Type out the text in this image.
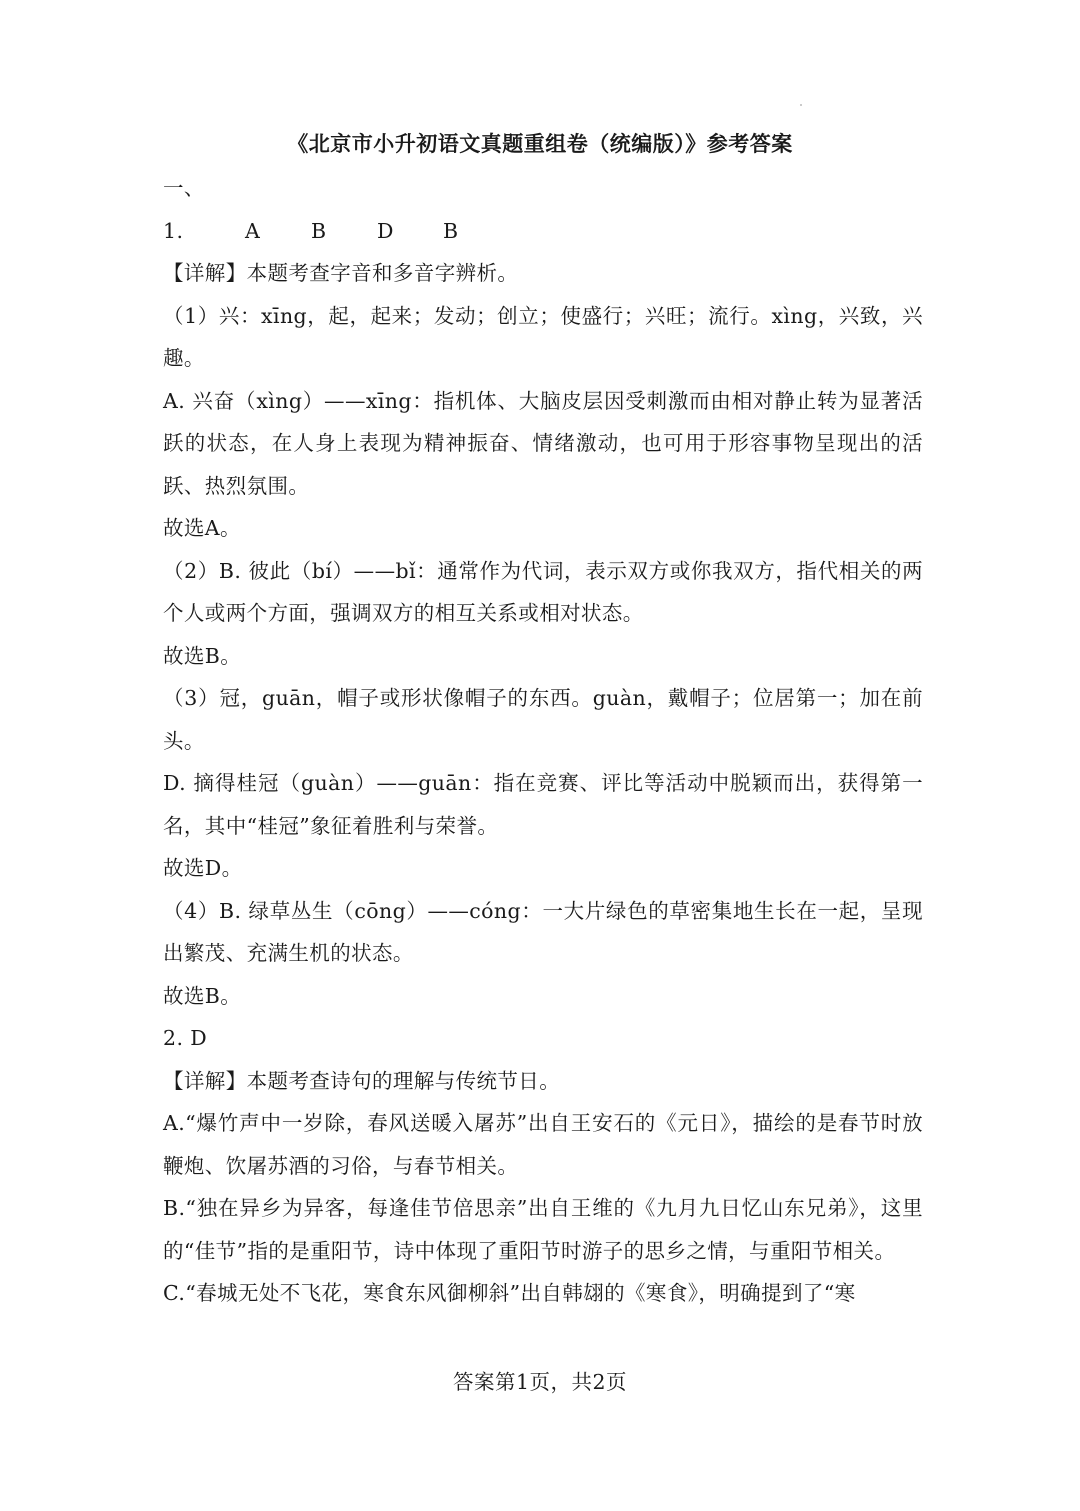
《北京市小升初语文真题重组卷（统编版）》参考答案

一、

1.	A B D B

【详解】本题考查字音和多音字辨析。

（1）兴：xīng，起，起来；发动；创立；使盛行；兴旺；流行。xìng，兴致，兴趣。

A. 兴奋（xìng）——xīng：指机体、大脑皮层因受刺激而由相对静止转为显著活跃的状态，在人身上表现为精神振奋、情绪激动，也可用于形容事物呈现出的活跃、热烈氛围。

故选A。

（2）B. 彼此（bí）——bǐ：通常作为代词，表示双方或你我双方，指代相关的两个人或两个方面，强调双方的相互关系或相对状态。

故选B。

（3）冠，guān，帽子或形状像帽子的东西。guàn，戴帽子；位居第一；加在前头。

D. 摘得桂冠（guàn）——guān：指在竞赛、评比等活动中脱颖而出，获得第一名，其中“桂冠”象征着胜利与荣誉。

故选D。

（4）B. 绿草丛生（cōng）——cóng：一大片绿色的草密集地生长在一起，呈现出繁茂、充满生机的状态。

故选B。

2. D

【详解】本题考查诗句的理解与传统节日。

A.“爆竹声中一岁除，春风送暖入屠苏”出自王安石的《元日》，描绘的是春节时放鞭炮、饮屠苏酒的习俗，与春节相关。

B.“独在异乡为异客，每逢佳节倍思亲”出自王维的《九月九日忆山东兄弟》，这里的“佳节”指的是重阳节，诗中体现了重阳节时游子的思乡之情，与重阳节相关。

C.“春城无处不飞花，寒食东风御柳斜”出自韩翃的《寒食》，明确提到了“寒

答案第1页，共2页
